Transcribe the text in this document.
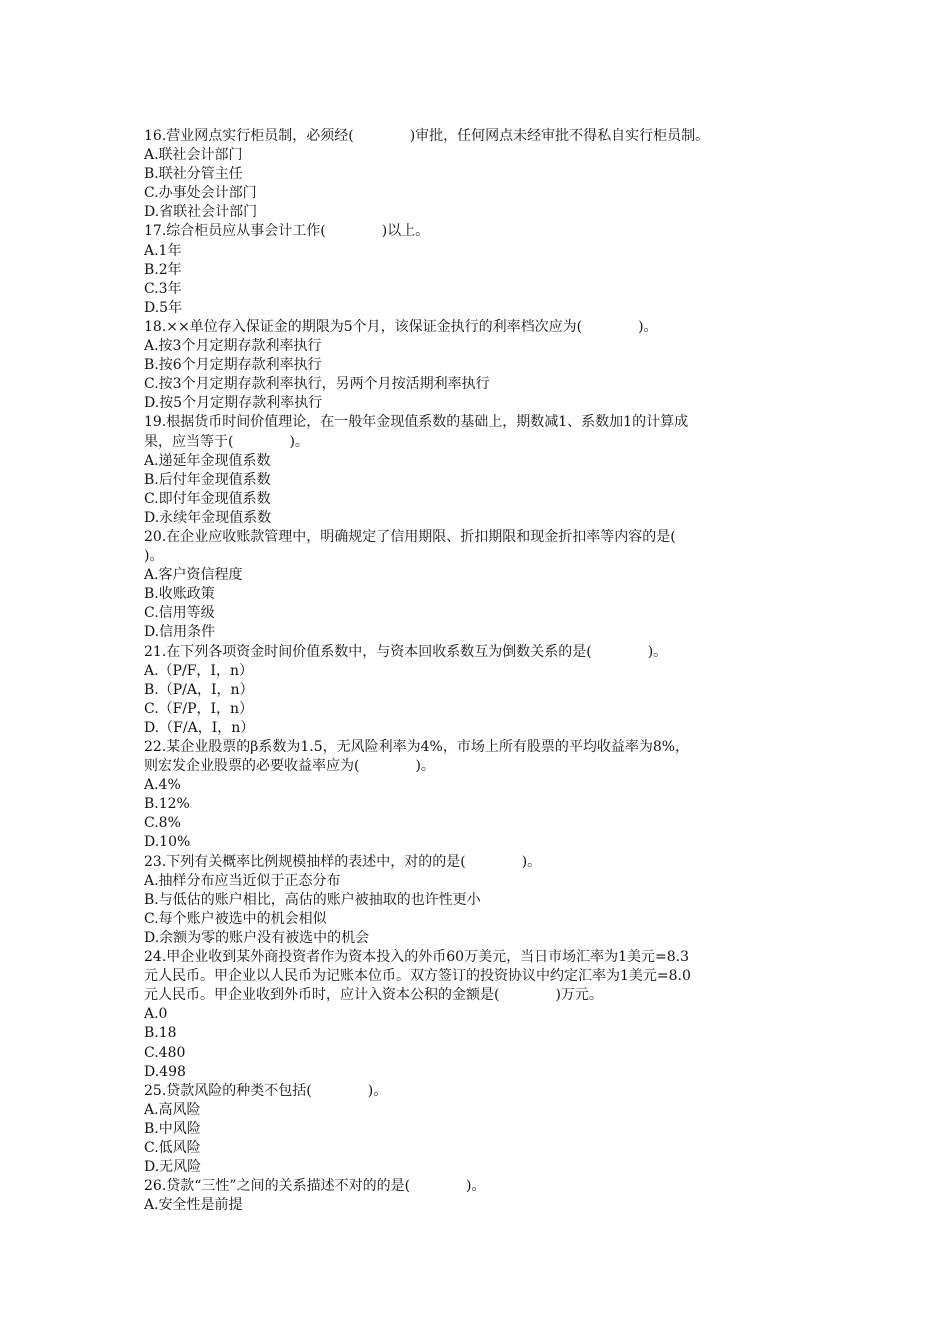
16.营业网点实行柜员制，必须经(　　　　)审批，任何网点未经审批不得私自实行柜员制。
A.联社会计部门
B.联社分管主任
C.办事处会计部门
D.省联社会计部门
17.综合柜员应从事会计工作(　　　　)以上。
A.1年
B.2年
C.3年
D.5年
18.××单位存入保证金的期限为5个月，该保证金执行的利率档次应为(　　　　)。
A.按3个月定期存款利率执行
B.按6个月定期存款利率执行
C.按3个月定期存款利率执行，另两个月按活期利率执行
D.按5个月定期存款利率执行
19.根据货币时间价值理论，在一般年金现值系数的基础上，期数减1、系数加1的计算成
果，应当等于(　　　　)。
A.递延年金现值系数
B.后付年金现值系数
C.即付年金现值系数
D.永续年金现值系数
20.在企业应收账款管理中，明确规定了信用期限、折扣期限和现金折扣率等内容的是(
)。
A.客户资信程度
B.收账政策
C.信用等级
D.信用条件
21.在下列各项资金时间价值系数中，与资本回收系数互为倒数关系的是(　　　　)。
A.（P/F，I，n）
B.（P/A，I，n）
C.（F/P，I，n）
D.（F/A，I，n）
22.某企业股票的β系数为1.5，无风险利率为4%，市场上所有股票的平均收益率为8%，
则宏发企业股票的必要收益率应为(　　　　)。
A.4%
B.12%
C.8%
D.10%
23.下列有关概率比例规模抽样的表述中，对的的是(　　　　)。
A.抽样分布应当近似于正态分布
B.与低估的账户相比，高估的账户被抽取的也许性更小
C.每个账户被选中的机会相似
D.余额为零的账户没有被选中的机会
24.甲企业收到某外商投资者作为资本投入的外币60万美元，当日市场汇率为1美元=8.3
元人民币。甲企业以人民币为记账本位币。双方签订的投资协议中约定汇率为1美元=8.0
元人民币。甲企业收到外币时，应计入资本公积的金额是(　　　　)万元。
A.0
B.18
C.480
D.498
25.贷款风险的种类不包括(　　　　)。
A.高风险
B.中风险
C.低风险
D.无风险
26.贷款“三性”之间的关系描述不对的的是(　　　　)。
A.安全性是前提
